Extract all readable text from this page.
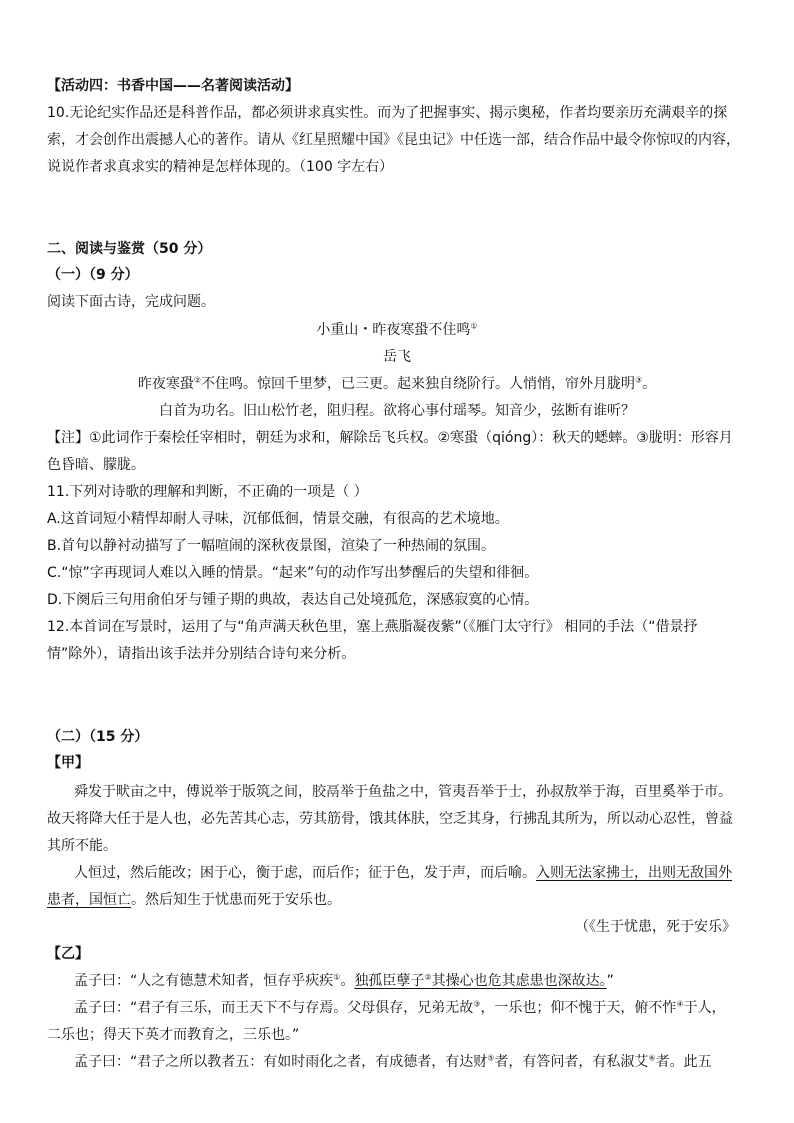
【活动四：书香中国——名著阅读活动】
10.无论纪实作品还是科普作品，都必须讲求真实性。而为了把握事实、揭示奥秘，作者均要亲历充满艰辛的探
索，才会创作出震撼人心的著作。请从《红星照耀中国》《昆虫记》中任选一部，结合作品中最令你惊叹的内容，
说说作者求真求实的精神是怎样体现的。（100 字左右）
二、阅读与鉴赏（50 分）
（一）（9 分）
阅读下面古诗，完成问题。
小重山・昨夜寒蛩不住鸣①
岳飞
昨夜寒蛩②不住鸣。惊回千里梦，已三更。起来独自绕阶行。人悄悄，帘外月胧明③。
白首为功名。旧山松竹老，阻归程。欲将心事付瑶琴。知音少，弦断有谁听？
【注】①此词作于秦桧任宰相时，朝廷为求和，解除岳飞兵权。②寒蛩（qióng）：秋天的蟋蟀。③胧明：形容月
色昏暗、朦胧。
11.下列对诗歌的理解和判断，不正确的一项是（ ）
A.这首词短小精悍却耐人寻味，沉郁低徊，情景交融，有很高的艺术境地。
B.首句以静衬动描写了一幅喧闹的深秋夜景图，渲染了一种热闹的氛围。
C.“惊”字再现词人难以入睡的情景。“起来”句的动作写出梦醒后的失望和徘徊。
D.下阕后三句用俞伯牙与锺子期的典故，表达自己处境孤危，深感寂寞的心情。
12.本首词在写景时，运用了与“角声满天秋色里，塞上燕脂凝夜紫”（《雁门太守行》 相同的手法（“借景抒
情”除外），请指出该手法并分别结合诗句来分析。
（二）（15 分）
【甲】
舜发于畎亩之中，傅说举于版筑之间，胶鬲举于鱼盐之中，管夷吾举于士，孙叔敖举于海，百里奚举于市。
故天将降大任于是人也，必先苦其心志，劳其筋骨，饿其体肤，空乏其身，行拂乱其所为，所以动心忍性，曾益
其所不能。
人恒过，然后能改；困于心，衡于虑，而后作；征于色，发于声，而后喻。入则无法家拂士，出则无敌国外
患者，国恒亡。然后知生于忧患而死于安乐也。
（《生于忧患，死于安乐》
【乙】
孟子曰：“人之有德慧术知者，恒存乎疢疾①。独孤臣孽子②其操心也危其虑患也深故达。”
孟子曰：“君子有三乐，而王天下不与存焉。父母俱存，兄弟无故③，一乐也；仰不愧于天，俯不怍④于人，
二乐也；得天下英才而教育之，三乐也。”
孟子曰：“君子之所以教者五：有如时雨化之者，有成德者，有达财⑤者，有答问者，有私淑艾⑥者。此五
